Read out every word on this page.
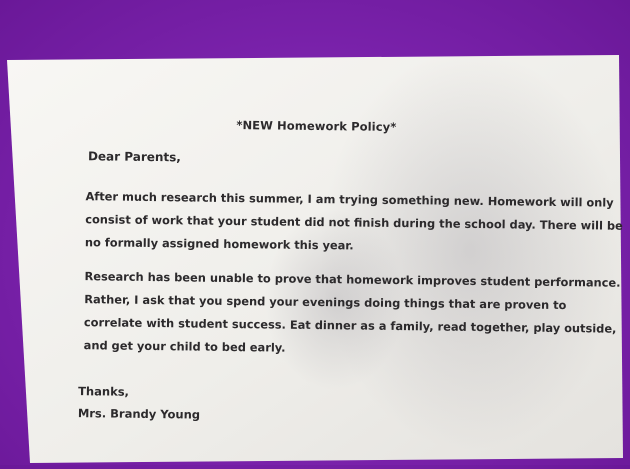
*NEW Homework Policy*
Dear Parents,
After much research this summer, I am trying something new. Homework will only
consist of work that your student did not finish during the school day. There will be
no formally assigned homework this year.
Research has been unable to prove that homework improves student performance.
Rather, I ask that you spend your evenings doing things that are proven to
correlate with student success. Eat dinner as a family, read together, play outside,
and get your child to bed early.
Thanks,
Mrs. Brandy Young
